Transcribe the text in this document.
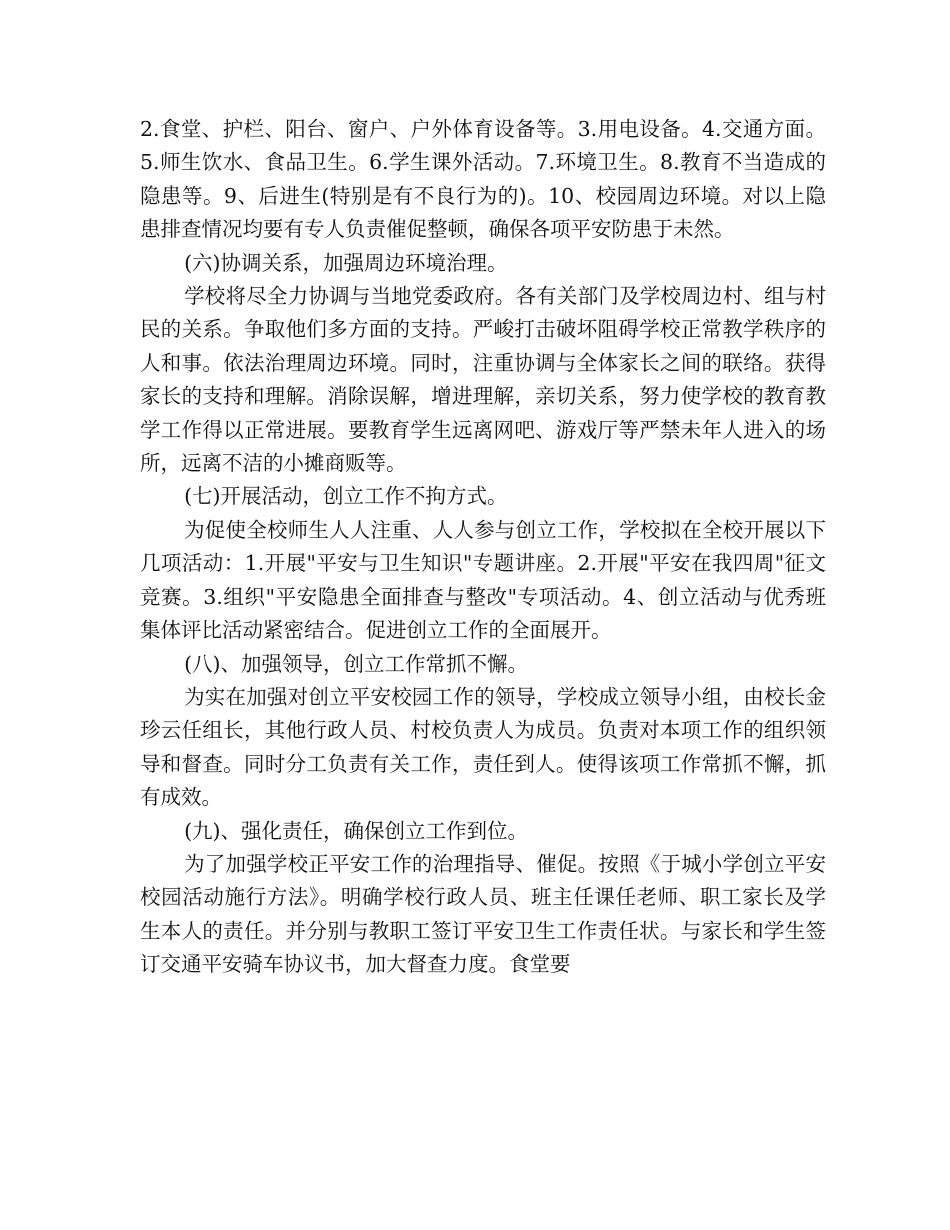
2.食堂、护栏、阳台、窗户、户外体育设备等。3.用电设备。4.交通方面。5.师生饮水、食品卫生。6.学生课外活动。7.环境卫生。8.教育不当造成的隐患等。9、后进生(特别是有不良行为的)。10、校园周边环境。对以上隐患排查情况均要有专人负责催促整顿，确保各项平安防患于未然。

(六)协调关系，加强周边环境治理。

学校将尽全力协调与当地党委政府。各有关部门及学校周边村、组与村民的关系。争取他们多方面的支持。严峻打击破坏阻碍学校正常教学秩序的人和事。依法治理周边环境。同时，注重协调与全体家长之间的联络。获得家长的支持和理解。消除误解，增进理解，亲切关系，努力使学校的教育教学工作得以正常进展。要教育学生远离网吧、游戏厅等严禁未年人进入的场所，远离不洁的小摊商贩等。

(七)开展活动，创立工作不拘方式。

为促使全校师生人人注重、人人参与创立工作，学校拟在全校开展以下几项活动：1.开展"平安与卫生知识"专题讲座。2.开展"平安在我四周"征文竞赛。3.组织"平安隐患全面排查与整改"专项活动。4、创立活动与优秀班集体评比活动紧密结合。促进创立工作的全面展开。

(八)、加强领导，创立工作常抓不懈。

为实在加强对创立平安校园工作的领导，学校成立领导小组，由校长金珍云任组长，其他行政人员、村校负责人为成员。负责对本项工作的组织领导和督查。同时分工负责有关工作，责任到人。使得该项工作常抓不懈，抓有成效。

(九)、强化责任，确保创立工作到位。

为了加强学校正平安工作的治理指导、催促。按照《于城小学创立平安校园活动施行方法》。明确学校行政人员、班主任课任老师、职工家长及学生本人的责任。并分别与教职工签订平安卫生工作责任状。与家长和学生签订交通平安骑车协议书，加大督查力度。食堂要
